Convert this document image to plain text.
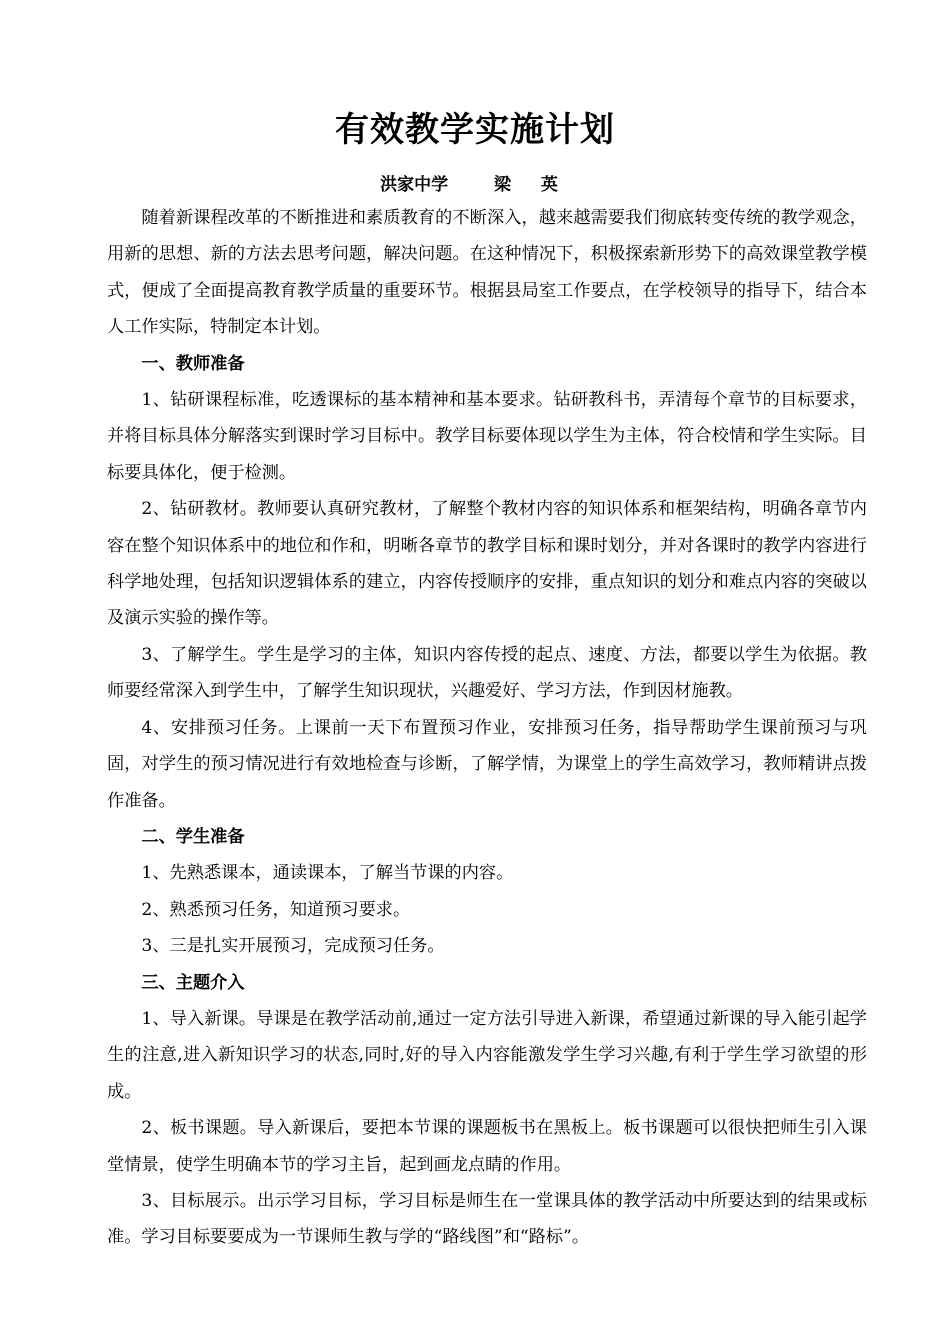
有效教学实施计划
洪家中学	梁 英

随着新课程改革的不断推进和素质教育的不断深入，越来越需要我们彻底转变传统的教学观念，用新的思想、新的方法去思考问题，解决问题。在这种情况下，积极探索新形势下的高效课堂教学模式，便成了全面提高教育教学质量的重要环节。根据县局室工作要点，在学校领导的指导下，结合本人工作实际，特制定本计划。

一、教师准备

1、钻研课程标准，吃透课标的基本精神和基本要求。钻研教科书，弄清每个章节的目标要求，并将目标具体分解落实到课时学习目标中。教学目标要体现以学生为主体，符合校情和学生实际。目标要具体化，便于检测。

2、钻研教材。教师要认真研究教材，了解整个教材内容的知识体系和框架结构，明确各章节内容在整个知识体系中的地位和作和，明晰各章节的教学目标和课时划分，并对各课时的教学内容进行科学地处理，包括知识逻辑体系的建立，内容传授顺序的安排，重点知识的划分和难点内容的突破以及演示实验的操作等。

3、了解学生。学生是学习的主体，知识内容传授的起点、速度、方法，都要以学生为依据。教师要经常深入到学生中，了解学生知识现状，兴趣爱好、学习方法，作到因材施教。

4、安排预习任务。上课前一天下布置预习作业，安排预习任务，指导帮助学生课前预习与巩固，对学生的预习情况进行有效地检查与诊断，了解学情，为课堂上的学生高效学习，教师精讲点拨作准备。

二、学生准备

1、先熟悉课本，通读课本，了解当节课的内容。

2、熟悉预习任务，知道预习要求。

3、三是扎实开展预习，完成预习任务。

三、主题介入

1、导入新课。导课是在教学活动前,通过一定方法引导进入新课，希望通过新课的导入能引起学生的注意,进入新知识学习的状态,同时,好的导入内容能激发学生学习兴趣,有利于学生学习欲望的形成。

2、板书课题。导入新课后，要把本节课的课题板书在黑板上。板书课题可以很快把师生引入课堂情景，使学生明确本节的学习主旨，起到画龙点睛的作用。

3、目标展示。出示学习目标，学习目标是师生在一堂课具体的教学活动中所要达到的结果或标准。学习目标要要成为一节课师生教与学的“路线图”和“路标”。
